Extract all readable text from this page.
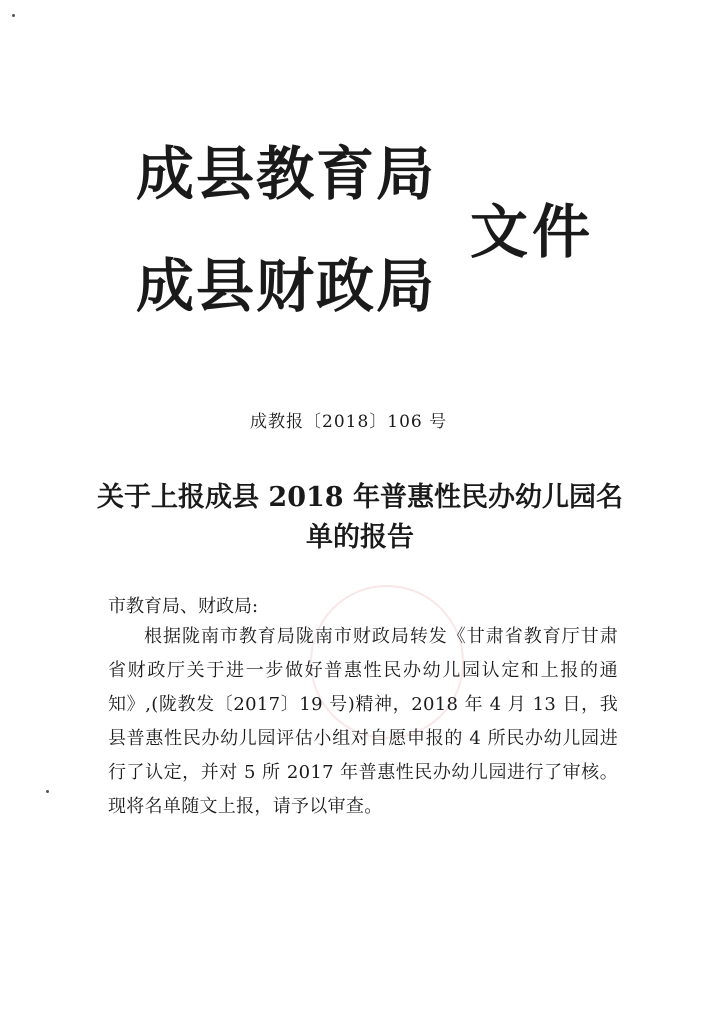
成县教育局
文件
成县财政局
成教报〔2018〕106 号
关于上报成县 2018 年普惠性民办幼儿园名单的报告
市教育局、财政局:
根据陇南市教育局陇南市财政局转发《甘肃省教育厅甘肃省财政厅关于进一步做好普惠性民办幼儿园认定和上报的通知》,(陇教发〔2017〕19 号)精神，2018 年 4 月 13 日，我县普惠性民办幼儿园评估小组对自愿申报的 4 所民办幼儿园进行了认定，并对 5 所 2017 年普惠性民办幼儿园进行了审核。现将名单随文上报，请予以审查。
